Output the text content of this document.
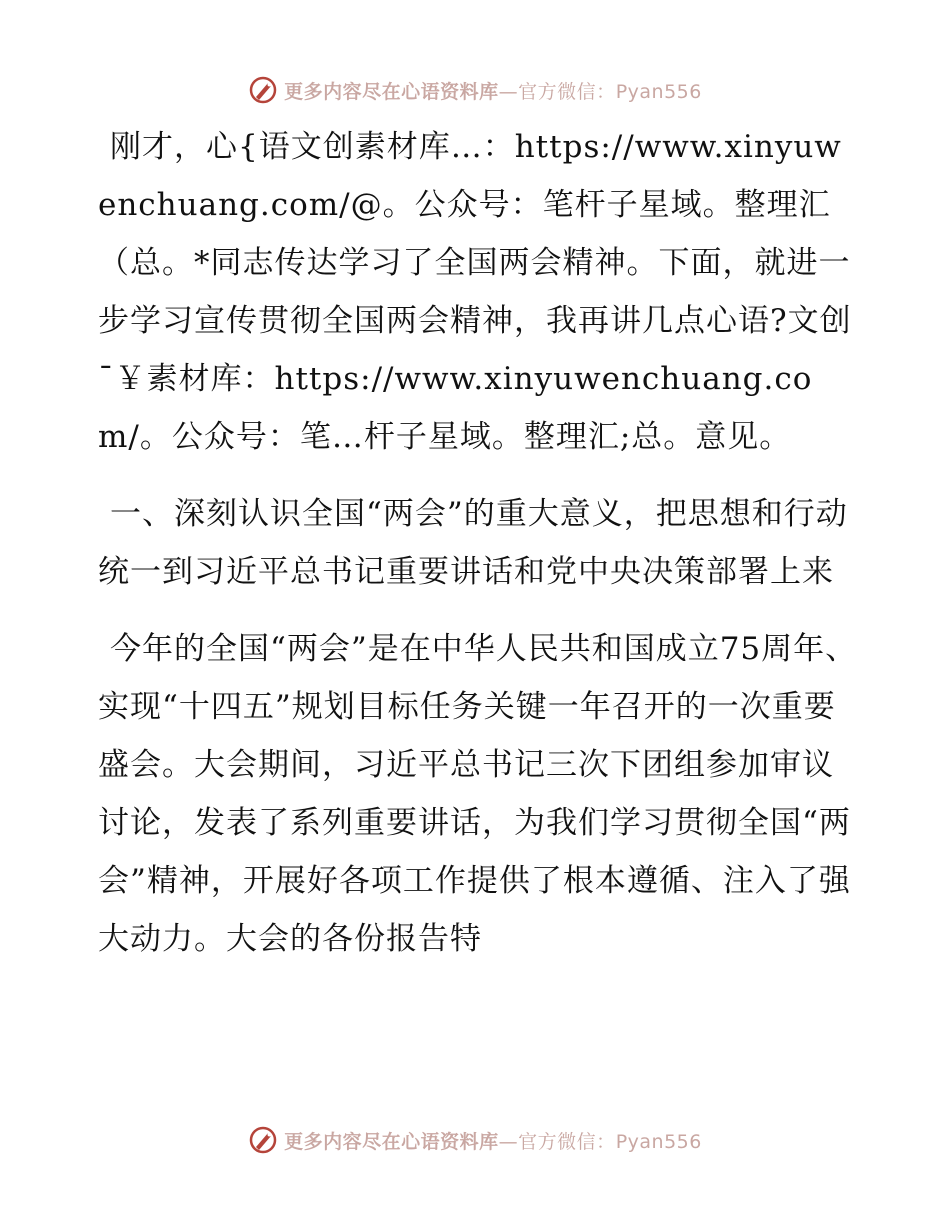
更多内容尽在心语资料库—官方微信：Pyan556

刚才，心{语文创素材库…：https://www.xinyuwenchuang.com/@。公众号：笔杆子星域。整理汇（总。*同志传达学习了全国两会精神。下面，就进一步学习宣传贯彻全国两会精神，我再讲几点心语?文创¯￥素材库：https://www.xinyuwenchuang.com/。公众号：笔…杆子星域。整理汇;总。意见。

一、深刻认识全国“两会”的重大意义，把思想和行动统一到习近平总书记重要讲话和党中央决策部署上来

今年的全国“两会”是在中华人民共和国成立75周年、实现“十四五”规划目标任务关键一年召开的一次重要盛会。大会期间，习近平总书记三次下团组参加审议讨论，发表了系列重要讲话，为我们学习贯彻全国“两会”精神，开展好各项工作提供了根本遵循、注入了强大动力。大会的各份报告特

更多内容尽在心语资料库—官方微信：Pyan556
